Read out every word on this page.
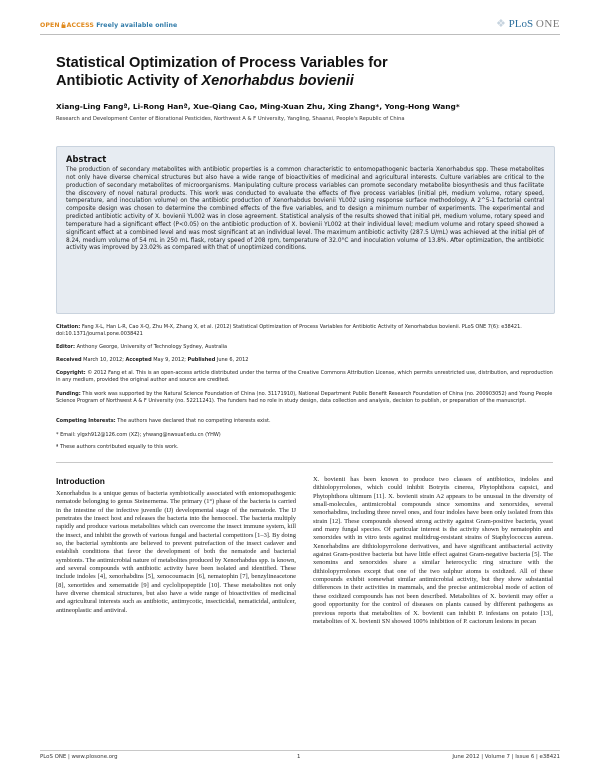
OPEN ACCESS Freely available online	❖ PLoS ONE
Statistical Optimization of Process Variables for
Antibiotic Activity of Xenorhabdus bovienii
Xiang-Ling Fangª, Li-Rong Hanª, Xue-Qiang Cao, Ming-Xuan Zhu, Xing Zhang*, Yong-Hong Wang*
Research and Development Center of Biorational Pesticides, Northwest A & F University, Yangling, Shaanxi, People's Republic of China
Abstract
The production of secondary metabolites with antibiotic properties is a common characteristic to entomopathogenic bacteria Xenorhabdus spp. These metabolites not only have diverse chemical structures but also have a wide range of bioactivities of medicinal and agricultural interests. Culture variables are critical to the production of secondary metabolites of microorganisms. Manipulating culture process variables can promote secondary metabolite biosynthesis and thus facilitate the discovery of novel natural products. This work was conducted to evaluate the effects of five process variables (initial pH, medium volume, rotary speed, temperature, and inoculation volume) on the antibiotic production of Xenorhabdus bovienii YL002 using response surface methodology. A 2^5-1 factorial central composite design was chosen to determine the combined effects of the five variables, and to design a minimum number of experiments. The experimental and predicted antibiotic activity of X. bovienii YL002 was in close agreement. Statistical analysis of the results showed that initial pH, medium volume, rotary speed and temperature had a significant effect (P<0.05) on the antibiotic production of X. bovienii YL002 at their individual level; medium volume and rotary speed showed a significant effect at a combined level and was most significant at an individual level. The maximum antibiotic activity (287.5 U/mL) was achieved at the initial pH of 8.24, medium volume of 54 mL in 250 mL flask, rotary speed of 208 rpm, temperature of 32.0°C and inoculation volume of 13.8%. After optimization, the antibiotic activity was improved by 23.02% as compared with that of unoptimized conditions.
Citation: Fang X-L, Han L-R, Cao X-Q, Zhu M-X, Zhang X, et al. (2012) Statistical Optimization of Process Variables for Antibiotic Activity of Xenorhabdus bovienii. PLoS ONE 7(6): e38421. doi:10.1371/journal.pone.0038421
Editor: Anthony George, University of Technology Sydney, Australia
Received March 10, 2012; Accepted May 9, 2012; Published June 6, 2012
Copyright: © 2012 Fang et al. This is an open-access article distributed under the terms of the Creative Commons Attribution License, which permits unrestricted use, distribution, and reproduction in any medium, provided the original author and source are credited.
Funding: This work was supported by the Natural Science Foundation of China (no. 31171910), National Department Public Benefit Research Foundation of China (no. 200903052) and Young People Science Program of Northwest A & F University (no. 52211241). The funders had no role in study design, data collection and analysis, decision to publish, or preparation of the manuscript.
Competing Interests: The authors have declared that no competing interests exist.
* Email: ylgxh912@126.com (XZ); yhwang@nwsuaf.edu.cn (YHW)
ª These authors contributed equally to this work.
Introduction
Xenorhabdus is a unique genus of bacteria symbiotically associated with entomopathogenic nematode belonging to genus Steinernema. The primary (1°) phase of the bacteria is carried in the intestine of the infective juvenile (IJ) developmental stage of the nematode. The IJ penetrates the insect host and releases the bacteria into the hemocoel. The bacteria multiply rapidly and produce various metabolites which can overcome the insect immune system, kill the insect, and inhibit the growth of various fungal and bacterial competitors [1–3]. By doing so, the bacterial symbionts are believed to prevent putrefaction of the insect cadaver and establish conditions that favor the development of both the nematode and bacterial symbionts. The antimicrobial nature of metabolites produced by Xenorhabdus spp. is known, and several compounds with antibiotic activity have been isolated and identified. These include indoles [4], xenorhabdins [5], xenocoumacin [6], nematophin [7], benzylineacetone [8], xenortides and xenematide [9] and cyclolipopeptide [10]. These metabolites not only have diverse chemical structures, but also have a wide range of bioactivities of medicinal and agricultural interests such as antibiotic, antimycotic, insecticidal, nematicidal, antiulcer, antineoplastic and antiviral.
X. bovienii has been known to produce two classes of antibiotics, indoles and dithiolopyrrolones, which could inhibit Botrytis cinerea, Phytophthora capsici, and Phytophthora ultimum [11]. X. bovienii strain A2 appears to be unusual in the diversity of small-molecules, antimicrobial compounds since xenomins and xenorxides, several xenorhabdins, including three novel ones, and four indoles have been only isolated from this strain [12]. These compounds showed strong activity against Gram-positive bacteria, yeast and many fungal species. Of particular interest is the activity shown by nematophin and xenorxides with in vitro tests against multidrug-resistant strains of Staphylococcus aureus. Xenorhabdins are dithiolopyrrolone derivatives, and have significant antibacterial activity against Gram-positive bacteria but have little effect against Gram-negative bacteria [5]. The xenomins and xenorxides share a similar heterocyclic ring structure with the dithiolopyrrolones except that one of the two sulphur atoms is oxidized. All of these compounds exhibit somewhat similar antimicrobial activity, but they show substantial differences in their activities in mammals, and the precise antimicrobial mode of action of these oxidized compounds has not been described. Metabolites of X. bovienii may offer a good opportunity for the control of diseases on plants caused by different pathogens as previous reports that metabolites of X. bovienii can inhibit P. infestans on potato [13], metabolites of X. bovienii SN showed 100% inhibition of P. cactorum lesions in pecan
PLoS ONE | www.plosone.org	1	June 2012 | Volume 7 | Issue 6 | e38421
